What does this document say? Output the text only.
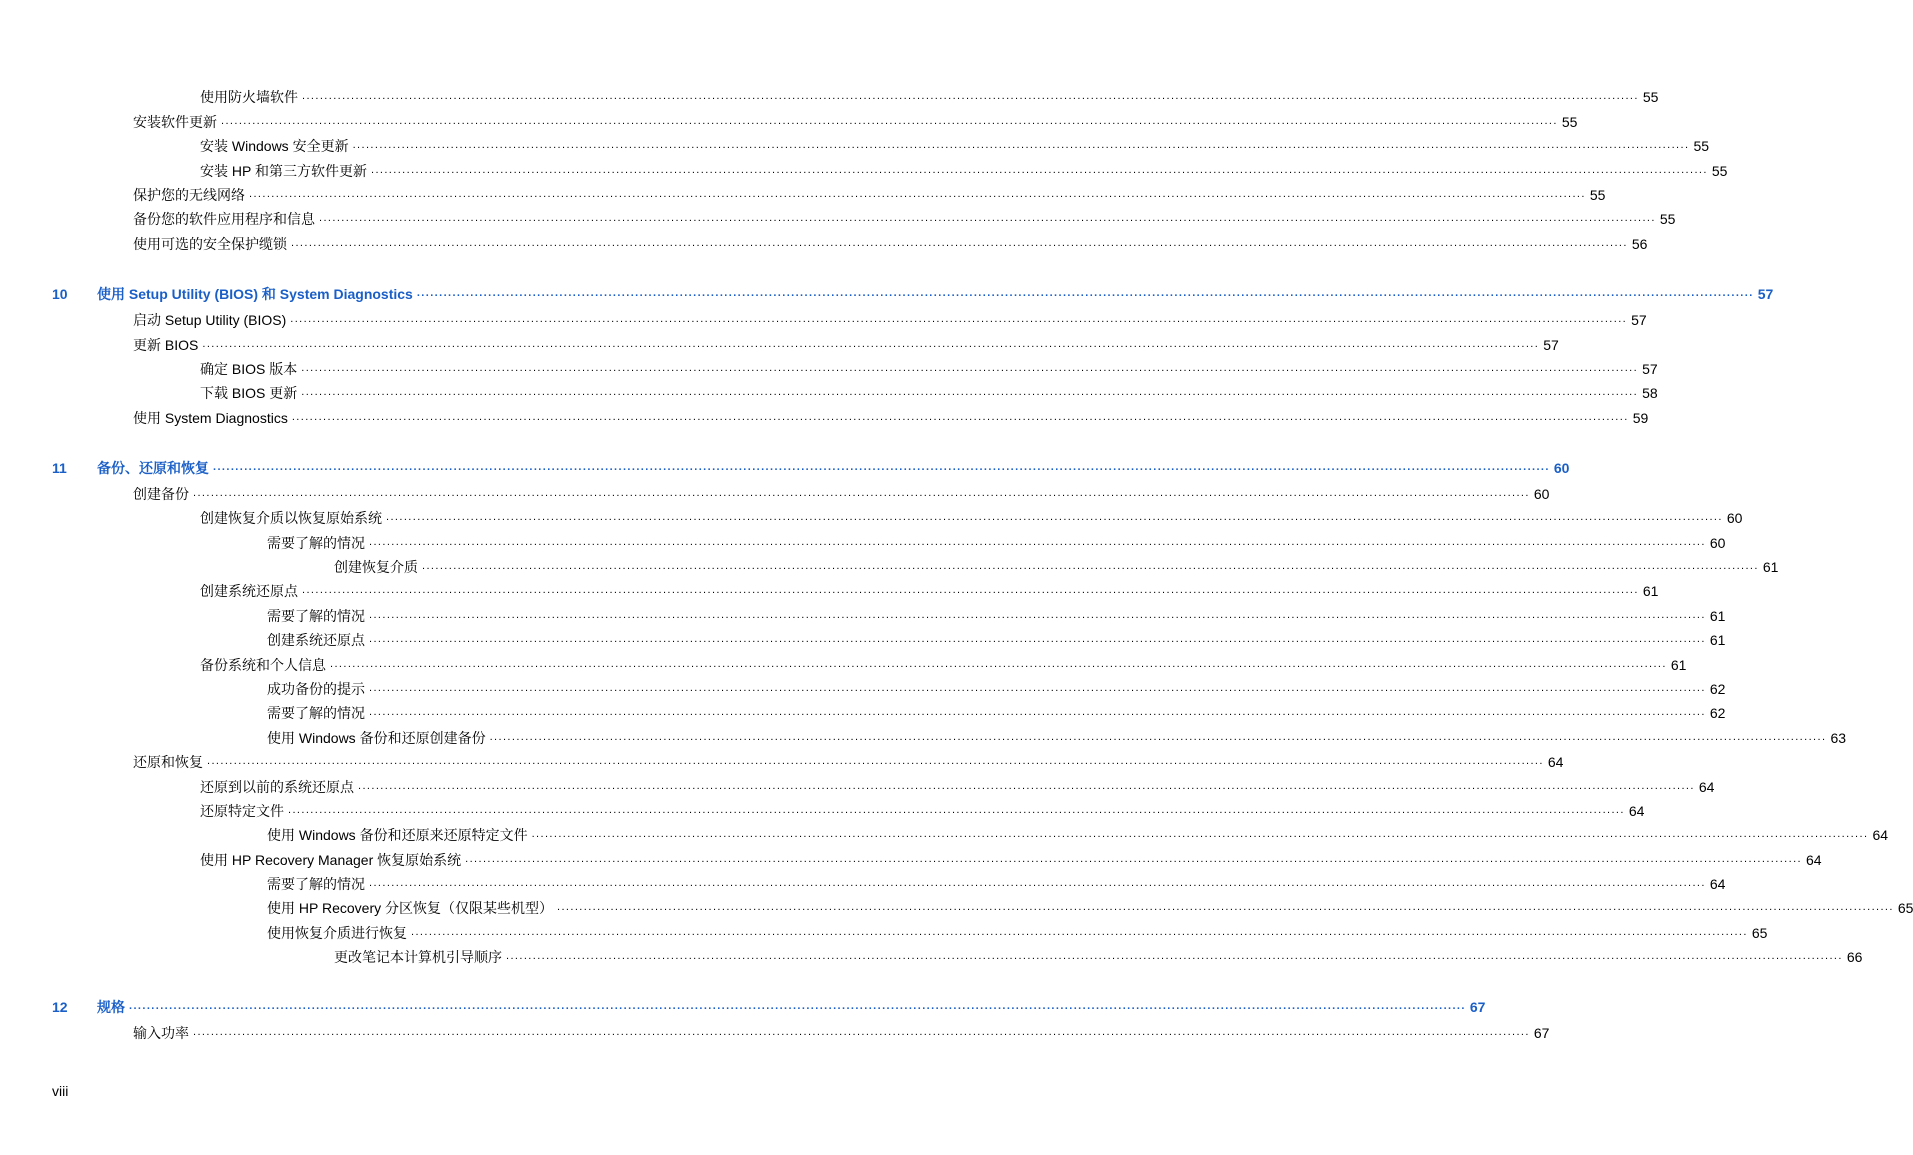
使用防火墙软件 ............................................................................................................................................................................................................................................................................................................ 55
安装软件更新 ............................................................................................................................................................................................................................................................................................................ 55
安装 Windows 安全更新 ............................................................................................................................................................................................................................................................................................................ 55
安装 HP 和第三方软件更新 ............................................................................................................................................................................................................................................................................................................ 55
保护您的无线网络 ............................................................................................................................................................................................................................................................................................................ 55
备份您的软件应用程序和信息 ............................................................................................................................................................................................................................................................................................................ 55
使用可选的安全保护缆锁 ............................................................................................................................................................................................................................................................................................................ 56
10 使用 Setup Utility (BIOS) 和 System Diagnostics ............................................................................................................................................................................................................................................................................................................ 57
启动 Setup Utility (BIOS) ............................................................................................................................................................................................................................................................................................................ 57
更新 BIOS ............................................................................................................................................................................................................................................................................................................ 57
确定 BIOS 版本 ............................................................................................................................................................................................................................................................................................................ 57
下载 BIOS 更新 ............................................................................................................................................................................................................................................................................................................ 58
使用 System Diagnostics ............................................................................................................................................................................................................................................................................................................ 59
11 备份、还原和恢复 ............................................................................................................................................................................................................................................................................................................ 60
创建备份 ............................................................................................................................................................................................................................................................................................................ 60
创建恢复介质以恢复原始系统 ............................................................................................................................................................................................................................................................................................................ 60
需要了解的情况 ............................................................................................................................................................................................................................................................................................................ 60
创建恢复介质 ............................................................................................................................................................................................................................................................................................................ 61
创建系统还原点 ............................................................................................................................................................................................................................................................................................................ 61
需要了解的情况 ............................................................................................................................................................................................................................................................................................................ 61
创建系统还原点 ............................................................................................................................................................................................................................................................................................................ 61
备份系统和个人信息 ............................................................................................................................................................................................................................................................................................................ 61
成功备份的提示 ............................................................................................................................................................................................................................................................................................................ 62
需要了解的情况 ............................................................................................................................................................................................................................................................................................................ 62
使用 Windows 备份和还原创建备份 ............................................................................................................................................................................................................................................................................................................ 63
还原和恢复 ............................................................................................................................................................................................................................................................................................................ 64
还原到以前的系统还原点 ............................................................................................................................................................................................................................................................................................................ 64
还原特定文件 ............................................................................................................................................................................................................................................................................................................ 64
使用 Windows 备份和还原来还原特定文件 ............................................................................................................................................................................................................................................................................................................ 64
使用 HP Recovery Manager 恢复原始系统 ............................................................................................................................................................................................................................................................................................................ 64
需要了解的情况 ............................................................................................................................................................................................................................................................................................................ 64
使用 HP Recovery 分区恢复（仅限某些机型） ............................................................................................................................................................................................................................................................................................................ 65
使用恢复介质进行恢复 ............................................................................................................................................................................................................................................................................................................ 65
更改笔记本计算机引导顺序 ............................................................................................................................................................................................................................................................................................................ 66
12 规格 ............................................................................................................................................................................................................................................................................................................ 67
输入功率 ............................................................................................................................................................................................................................................................................................................ 67
viii
